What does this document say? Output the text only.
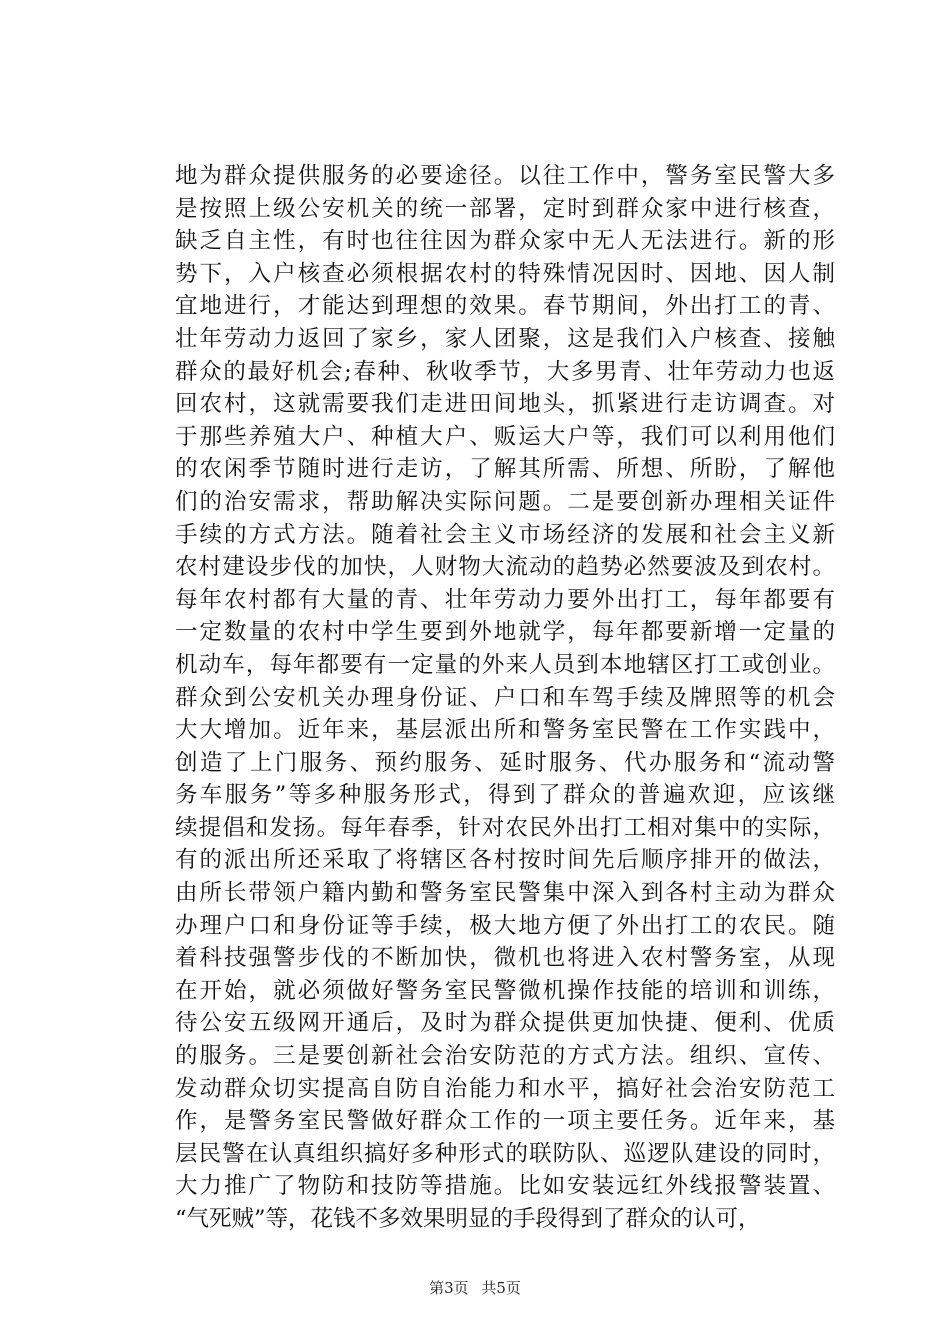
地为群众提供服务的必要途径。以往工作中，警务室民警大多
是按照上级公安机关的统一部署，定时到群众家中进行核查，
缺乏自主性，有时也往往因为群众家中无人无法进行。新的形
势下，入户核查必须根据农村的特殊情况因时、因地、因人制
宜地进行，才能达到理想的效果。春节期间，外出打工的青、
壮年劳动力返回了家乡，家人团聚，这是我们入户核查、接触
群众的最好机会;春种、秋收季节，大多男青、壮年劳动力也返
回农村，这就需要我们走进田间地头，抓紧进行走访调查。对
于那些养殖大户、种植大户、贩运大户等，我们可以利用他们
的农闲季节随时进行走访，了解其所需、所想、所盼，了解他
们的治安需求，帮助解决实际问题。二是要创新办理相关证件
手续的方式方法。随着社会主义市场经济的发展和社会主义新
农村建设步伐的加快，人财物大流动的趋势必然要波及到农村。
每年农村都有大量的青、壮年劳动力要外出打工，每年都要有
一定数量的农村中学生要到外地就学，每年都要新增一定量的
机动车，每年都要有一定量的外来人员到本地辖区打工或创业。
群众到公安机关办理身份证、户口和车驾手续及牌照等的机会
大大增加。近年来，基层派出所和警务室民警在工作实践中，
创造了上门服务、预约服务、延时服务、代办服务和“流动警
务车服务”等多种服务形式，得到了群众的普遍欢迎，应该继
续提倡和发扬。每年春季，针对农民外出打工相对集中的实际，
有的派出所还采取了将辖区各村按时间先后顺序排开的做法，
由所长带领户籍内勤和警务室民警集中深入到各村主动为群众
办理户口和身份证等手续，极大地方便了外出打工的农民。随
着科技强警步伐的不断加快，微机也将进入农村警务室，从现
在开始，就必须做好警务室民警微机操作技能的培训和训练，
待公安五级网开通后，及时为群众提供更加快捷、便利、优质
的服务。三是要创新社会治安防范的方式方法。组织、宣传、
发动群众切实提高自防自治能力和水平，搞好社会治安防范工
作，是警务室民警做好群众工作的一项主要任务。近年来，基
层民警在认真组织搞好多种形式的联防队、巡逻队建设的同时，
大力推广了物防和技防等措施。比如安装远红外线报警装置、
“气死贼”等，花钱不多效果明显的手段得到了群众的认可，
第3页 共5页
